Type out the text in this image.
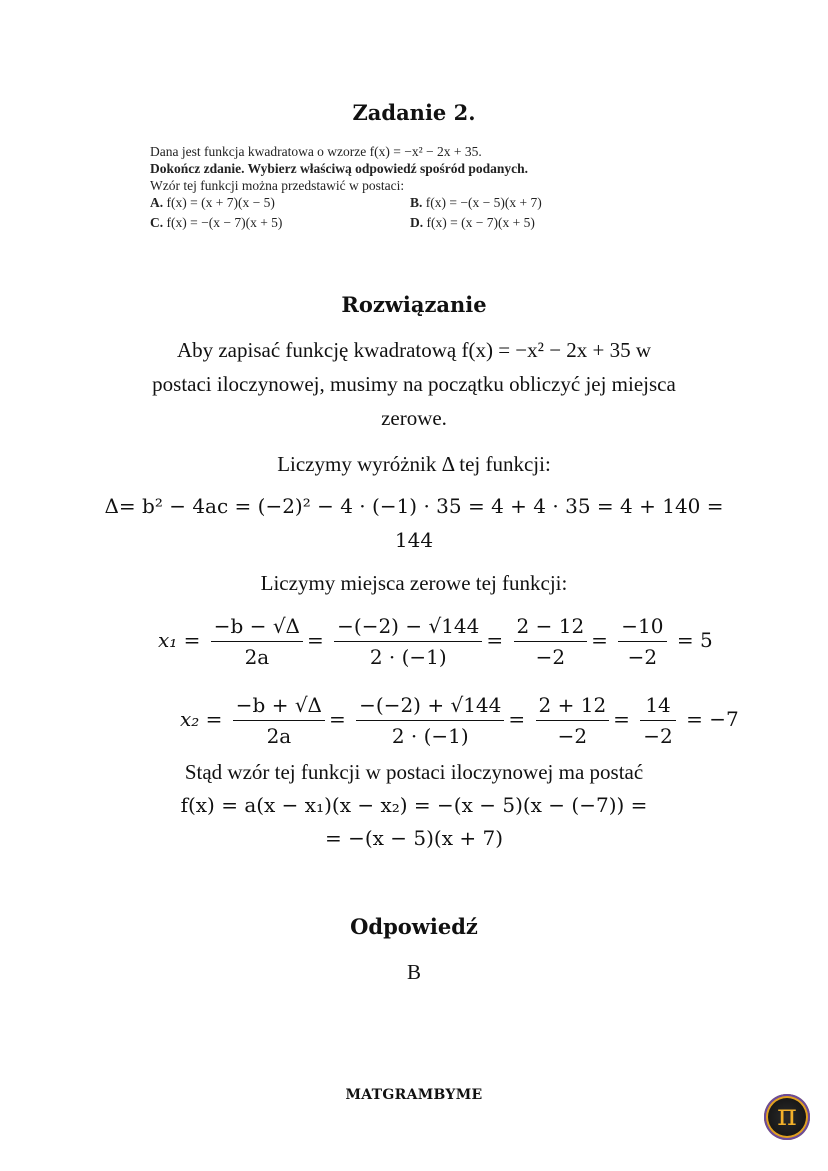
Zadanie 2.
Dana jest funkcja kwadratowa o wzorze f(x) = −x² − 2x + 35.
Dokończ zdanie. Wybierz właściwą odpowiedź spośród podanych.
Wzór tej funkcji można przedstawić w postaci:
A. f(x) = (x + 7)(x − 5)	B. f(x) = −(x − 5)(x + 7)
C. f(x) = −(x − 7)(x + 5)	D. f(x) = (x − 7)(x + 5)
Rozwiązanie
Aby zapisać funkcję kwadratową f(x) = −x² − 2x + 35 w
postaci iloczynowej, musimy na początku obliczyć jej miejsca
zerowe.
Liczymy wyróżnik Δ tej funkcji:
Δ= b² − 4ac = (−2)² − 4 · (−1) · 35 = 4 + 4 · 35 = 4 + 140 =
144
Liczymy miejsca zerowe tej funkcji:
$x_1 = \frac{-b - √\Delta}{2a} = \frac{-(-2) - √144}{2 \cdot (-1)} = \frac{2 - 12}{-2} = \frac{-10}{-2} = 5$
$x_2 = \frac{-b + √\Delta}{2a} = \frac{-(-2) + √144}{2 \cdot (-1)} = \frac{2 + 12}{-2} = \frac{14}{-2} = -7$
Stąd wzór tej funkcji w postaci iloczynowej ma postać
f(x) = a(x − x₁)(x − x₂) = −(x − 5)(x − (−7)) =
= −(x − 5)(x + 7)
Odpowiedź
B
MATGRAMBYME
π
